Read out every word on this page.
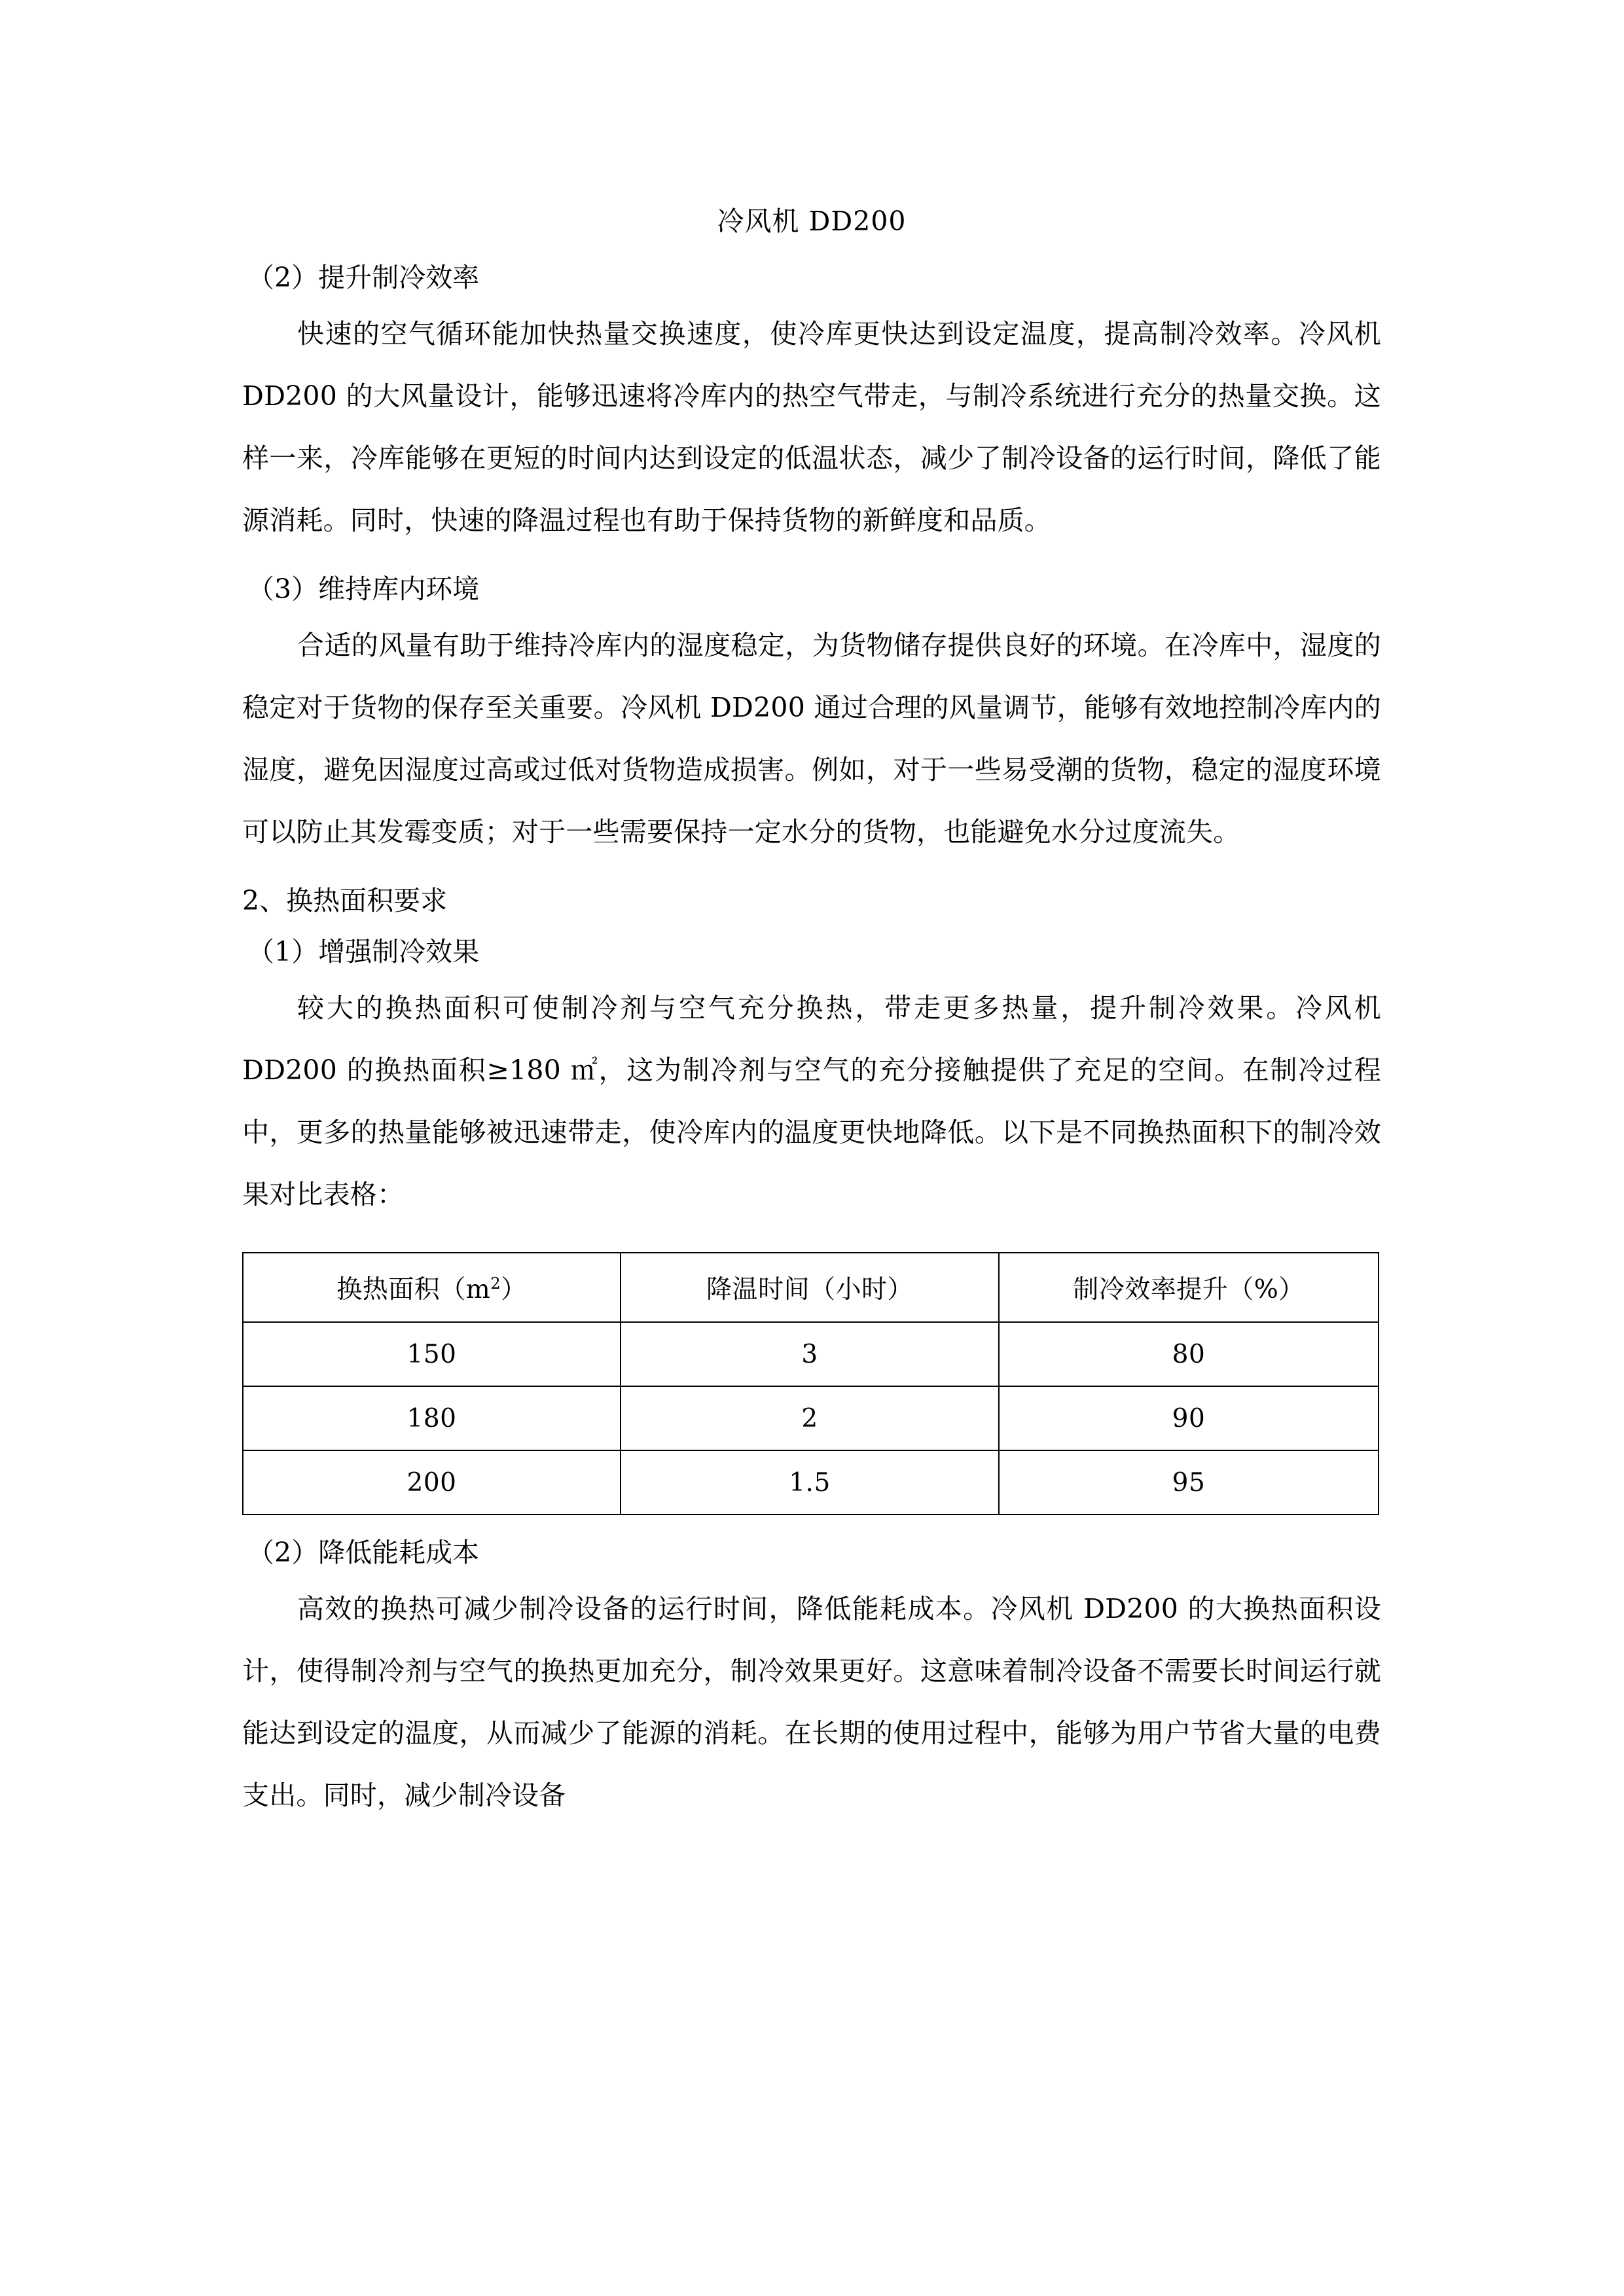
冷风机 DD200
（2）提升制冷效率
快速的空气循环能加快热量交换速度，使冷库更快达到设定温度，提高制冷效率。冷风机 DD200 的大风量设计，能够迅速将冷库内的热空气带走，与制冷系统进行充分的热量交换。这样一来，冷库能够在更短的时间内达到设定的低温状态，减少了制冷设备的运行时间，降低了能源消耗。同时，快速的降温过程也有助于保持货物的新鲜度和品质。
（3）维持库内环境
合适的风量有助于维持冷库内的湿度稳定，为货物储存提供良好的环境。在冷库中，湿度的稳定对于货物的保存至关重要。冷风机 DD200 通过合理的风量调节，能够有效地控制冷库内的湿度，避免因湿度过高或过低对货物造成损害。例如，对于一些易受潮的货物，稳定的湿度环境可以防止其发霉变质；对于一些需要保持一定水分的货物，也能避免水分过度流失。
2、换热面积要求
（1）增强制冷效果
较大的换热面积可使制冷剂与空气充分换热，带走更多热量，提升制冷效果。冷风机 DD200 的换热面积≥180 ㎡，这为制冷剂与空气的充分接触提供了充足的空间。在制冷过程中，更多的热量能够被迅速带走，使冷库内的温度更快地降低。以下是不同换热面积下的制冷效果对比表格：
换热面积$(m^2)$	降温时间（小时）	制冷效率提升（%）
150	3	80
180	2	90
200	1.5	95
（2）降低能耗成本
高效的换热可减少制冷设备的运行时间，降低能耗成本。冷风机 DD200 的大换热面积设计，使得制冷剂与空气的换热更加充分，制冷效果更好。这意味着制冷设备不需要长时间运行就能达到设定的温度，从而减少了能源的消耗。在长期的使用过程中，能够为用户节省大量的电费支出。同时，减少制冷设备
